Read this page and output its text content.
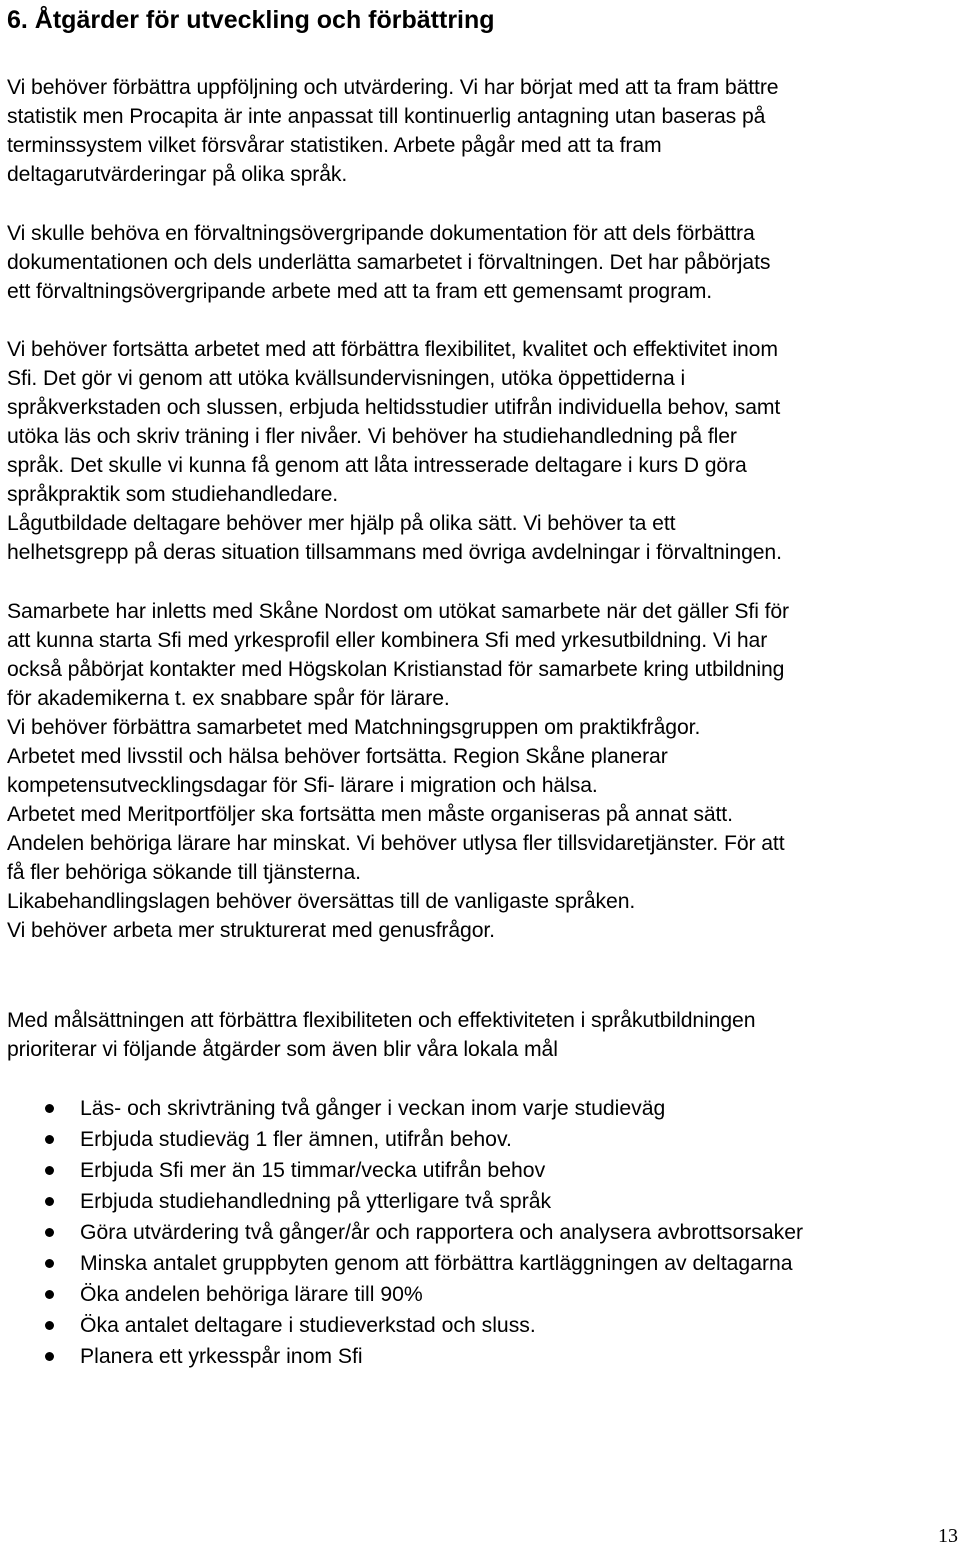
6. Åtgärder för utveckling och förbättring
Vi behöver förbättra uppföljning och utvärdering. Vi har börjat med att ta fram bättre
statistik men Procapita är inte anpassat till kontinuerlig antagning utan baseras på
terminssystem vilket försvårar statistiken. Arbete pågår med att ta fram
deltagarutvärderingar på olika språk.
Vi skulle behöva en förvaltningsövergripande dokumentation för att dels förbättra
dokumentationen och dels underlätta samarbetet i förvaltningen. Det har påbörjats
ett förvaltningsövergripande arbete med att ta fram ett gemensamt program.
Vi behöver fortsätta arbetet med att förbättra flexibilitet, kvalitet och effektivitet inom
Sfi. Det gör vi genom att utöka kvällsundervisningen, utöka öppettiderna i
språkverkstaden och slussen, erbjuda heltidsstudier utifrån individuella behov, samt
utöka läs och skriv träning i fler nivåer. Vi behöver ha studiehandledning på fler
språk. Det skulle vi kunna få genom att låta intresserade deltagare i kurs D göra
språkpraktik som studiehandledare.
Lågutbildade deltagare behöver mer hjälp på olika sätt. Vi behöver ta ett
helhetsgrepp på deras situation tillsammans med övriga avdelningar i förvaltningen.
Samarbete har inletts med Skåne Nordost om utökat samarbete när det gäller Sfi för
att kunna starta Sfi med yrkesprofil eller kombinera Sfi med yrkesutbildning. Vi har
också påbörjat kontakter med Högskolan Kristianstad för samarbete kring utbildning
för akademikerna t. ex snabbare spår för lärare.
Vi behöver förbättra samarbetet med Matchningsgruppen om praktikfrågor.
Arbetet med livsstil och hälsa behöver fortsätta. Region Skåne planerar
kompetensutvecklingsdagar för Sfi- lärare i migration och hälsa.
Arbetet med Meritportföljer ska fortsätta men måste organiseras på annat sätt.
Andelen behöriga lärare har minskat. Vi behöver utlysa fler tillsvidaretjänster. För att
få fler behöriga sökande till tjänsterna.
Likabehandlingslagen behöver översättas till de vanligaste språken.
Vi behöver arbeta mer strukturerat med genusfrågor.
Med målsättningen att förbättra flexibiliteten och effektiviteten i språkutbildningen
prioriterar vi följande åtgärder som även blir våra lokala mål
Läs- och skrivträning två gånger i veckan inom varje studieväg
Erbjuda studieväg 1 fler ämnen, utifrån behov.
Erbjuda Sfi mer än 15 timmar/vecka utifrån behov
Erbjuda studiehandledning på ytterligare två språk
Göra utvärdering två gånger/år och rapportera och analysera avbrottsorsaker
Minska antalet gruppbyten genom att förbättra kartläggningen av deltagarna
Öka andelen behöriga lärare till 90%
Öka antalet deltagare i studieverkstad och sluss.
Planera ett yrkesspår inom Sfi
13
